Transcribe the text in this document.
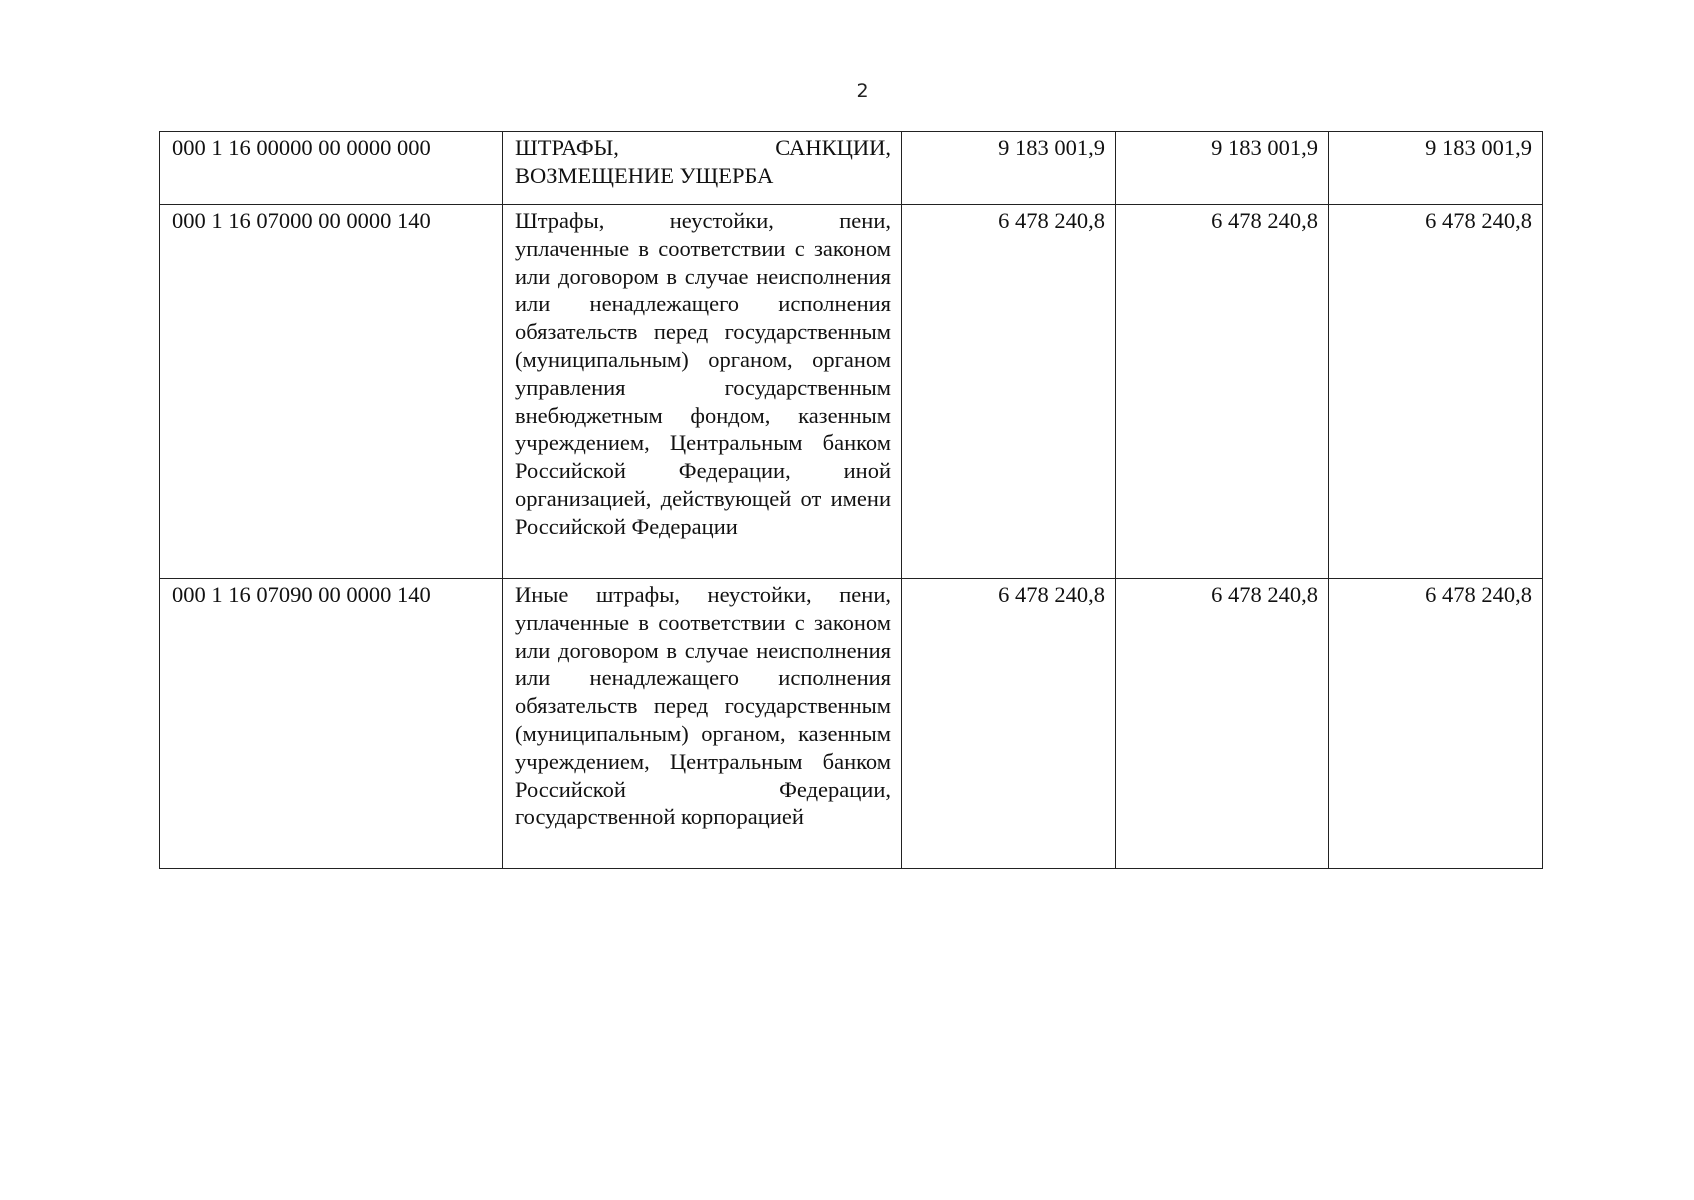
2
000 1 16 00000 00 0000 000	ШТРАФЫ, САНКЦИИ, ВОЗМЕЩЕНИЕ УЩЕРБА	9 183 001,9	9 183 001,9	9 183 001,9
000 1 16 07000 00 0000 140	Штрафы, неустойки, пени, уплаченные в соответствии с законом или договором в случае неисполнения или ненадлежащего исполнения обязательств перед государственным (муниципальным) органом, органом управления государственным внебюджетным фондом, казенным учреждением, Центральным банком Российской Федерации, иной организацией, действующей от имени Российской Федерации	6 478 240,8	6 478 240,8	6 478 240,8
000 1 16 07090 00 0000 140	Иные штрафы, неустойки, пени, уплаченные в соответствии с законом или договором в случае неисполнения или ненадлежащего исполнения обязательств перед государственным (муниципальным) органом, казенным учреждением, Центральным банком Российской Федерации, государственной корпорацией	6 478 240,8	6 478 240,8	6 478 240,8
